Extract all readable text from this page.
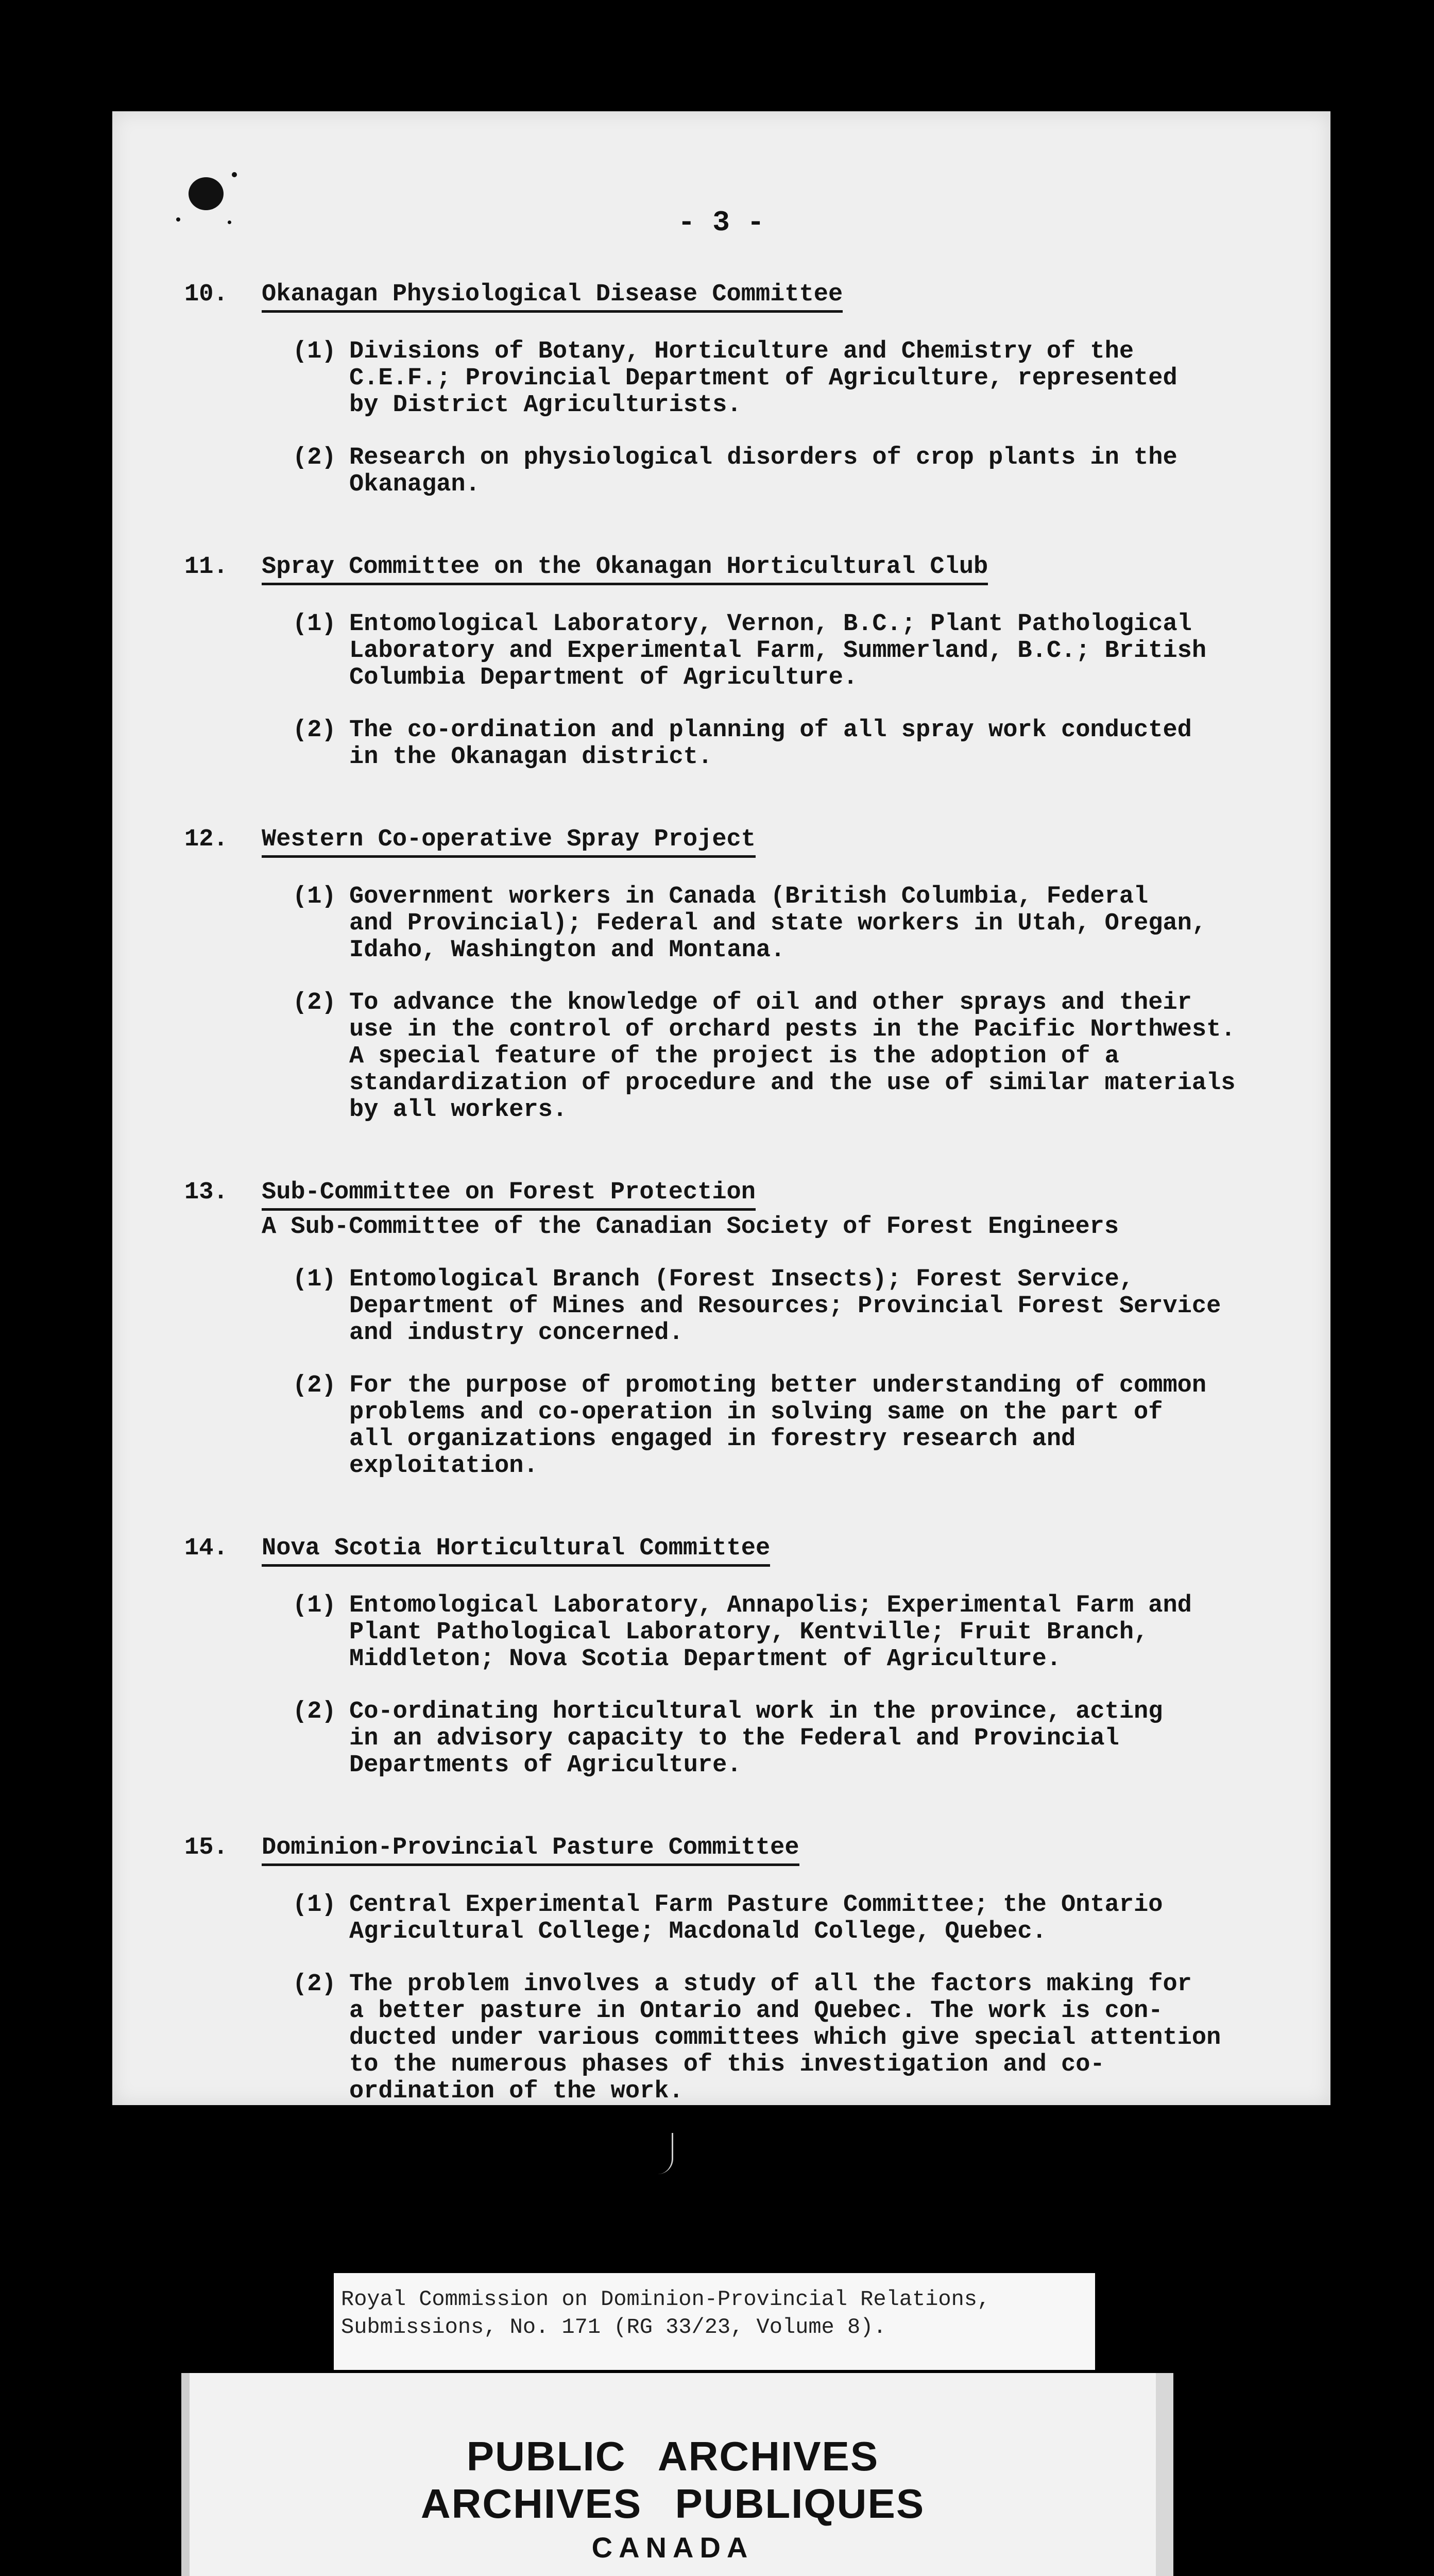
- 3 -
10.	Okanagan Physiological Disease Committee
(1) Divisions of Botany, Horticulture and Chemistry of the
C.E.F.; Provincial Department of Agriculture, represented
by District Agriculturists.
(2) Research on physiological disorders of crop plants in the
Okanagan.
11.	Spray Committee on the Okanagan Horticultural Club
(1) Entomological Laboratory, Vernon, B.C.; Plant Pathological
Laboratory and Experimental Farm, Summerland, B.C.; British
Columbia Department of Agriculture.
(2) The co-ordination and planning of all spray work conducted
in the Okanagan district.
12.	Western Co-operative Spray Project
(1) Government workers in Canada (British Columbia, Federal
and Provincial); Federal and state workers in Utah, Oregan,
Idaho, Washington and Montana.
(2) To advance the knowledge of oil and other sprays and their
use in the control of orchard pests in the Pacific Northwest.
A special feature of the project is the adoption of a
standardization of procedure and the use of similar materials
by all workers.
13.	Sub-Committee on Forest Protection
A Sub-Committee of the Canadian Society of Forest Engineers
(1) Entomological Branch (Forest Insects); Forest Service,
Department of Mines and Resources; Provincial Forest Service
and industry concerned.
(2) For the purpose of promoting better understanding of common
problems and co-operation in solving same on the part of
all organizations engaged in forestry research and
exploitation.
14.	Nova Scotia Horticultural Committee
(1) Entomological Laboratory, Annapolis; Experimental Farm and
Plant Pathological Laboratory, Kentville; Fruit Branch,
Middleton; Nova Scotia Department of Agriculture.
(2) Co-ordinating horticultural work in the province, acting
in an advisory capacity to the Federal and Provincial
Departments of Agriculture.
15.	Dominion-Provincial Pasture Committee
(1) Central Experimental Farm Pasture Committee; the Ontario
Agricultural College; Macdonald College, Quebec.
(2) The problem involves a study of all the factors making for
a better pasture in Ontario and Quebec. The work is con-
ducted under various committees which give special attention
to the numerous phases of this investigation and co-
ordination of the work.
Royal Commission on Dominion-Provincial Relations,
Submissions, No. 171 (RG 33/23, Volume 8).
PUBLIC ARCHIVES
ARCHIVES PUBLIQUES
CANADA
